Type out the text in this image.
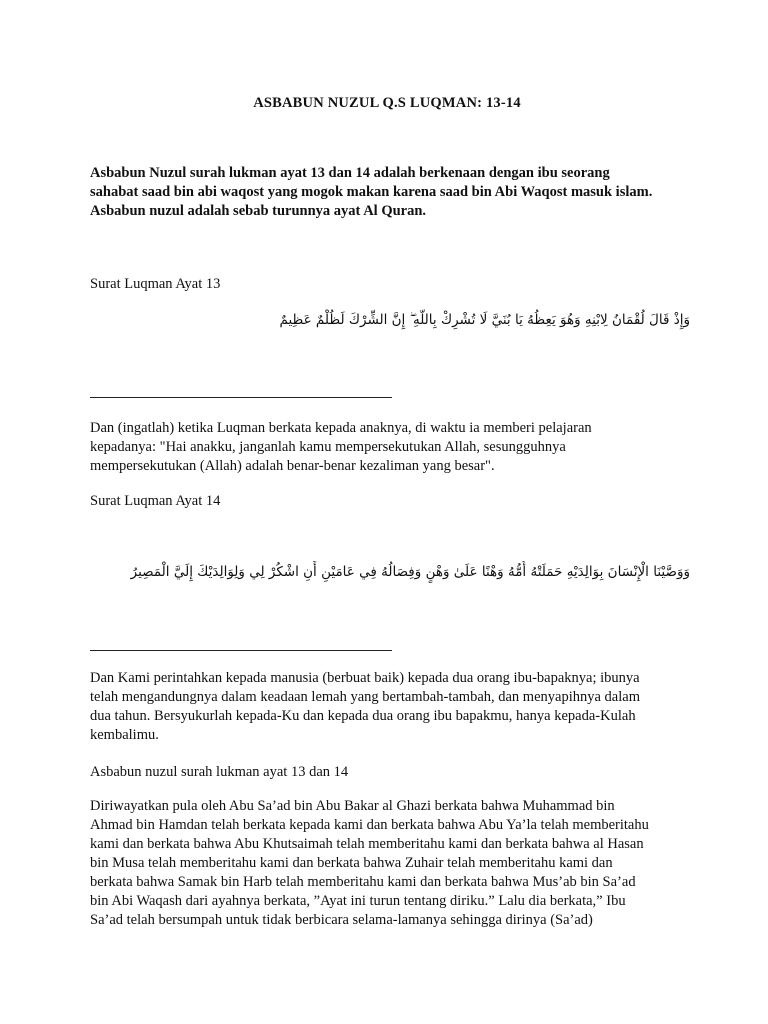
ASBABUN NUZUL Q.S LUQMAN: 13-14

Asbabun Nuzul surah lukman ayat 13 dan 14 adalah berkenaan dengan ibu seorang

sahabat saad bin abi waqost yang mogok makan karena saad bin Abi Waqost masuk islam.

Asbabun nuzul adalah sebab turunnya ayat Al Quran.

Surat Luqman Ayat 13
وَإِذْ قَالَ لُقْمَانُ لِابْنِهِ وَهُوَ يَعِظُهُ يَا بُنَيَّ لَا تُشْرِكْ بِاللَّهِ ۖ إِنَّ الشِّرْكَ لَظُلْمٌ عَظِيمٌ

Dan (ingatlah) ketika Luqman berkata kepada anaknya, di waktu ia memberi pelajaran

kepadanya: "Hai anakku, janganlah kamu mempersekutukan Allah, sesungguhnya

mempersekutukan (Allah) adalah benar-benar kezaliman yang besar".

Surat Luqman Ayat 14
وَوَصَّيْنَا الْإِنْسَانَ بِوَالِدَيْهِ حَمَلَتْهُ أُمُّهُ وَهْنًا عَلَىٰ وَهْنٍ وَفِصَالُهُ فِي عَامَيْنِ أَنِ اشْكُرْ لِي وَلِوَالِدَيْكَ إِلَيَّ الْمَصِيرُ

Dan Kami perintahkan kepada manusia (berbuat baik) kepada dua orang ibu-bapaknya; ibunya

telah mengandungnya dalam keadaan lemah yang bertambah-tambah, dan menyapihnya dalam

dua tahun. Bersyukurlah kepada-Ku dan kepada dua orang ibu bapakmu, hanya kepada-Kulah

kembalimu.

Asbabun nuzul surah lukman ayat 13 dan 14

Diriwayatkan pula oleh Abu Sa’ad bin Abu Bakar al Ghazi berkata bahwa Muhammad bin

Ahmad bin Hamdan telah berkata kepada kami dan berkata bahwa Abu Ya’la telah memberitahu

kami dan berkata bahwa Abu Khutsaimah telah memberitahu kami dan berkata bahwa al Hasan

bin Musa telah memberitahu kami dan berkata bahwa Zuhair telah memberitahu kami dan

berkata bahwa Samak bin Harb telah memberitahu kami dan berkata bahwa Mus’ab bin Sa’ad

bin Abi Waqash dari ayahnya berkata, ”Ayat ini turun tentang diriku.” Lalu dia berkata,” Ibu

Sa’ad telah bersumpah untuk tidak berbicara selama-lamanya sehingga dirinya (Sa’ad)
